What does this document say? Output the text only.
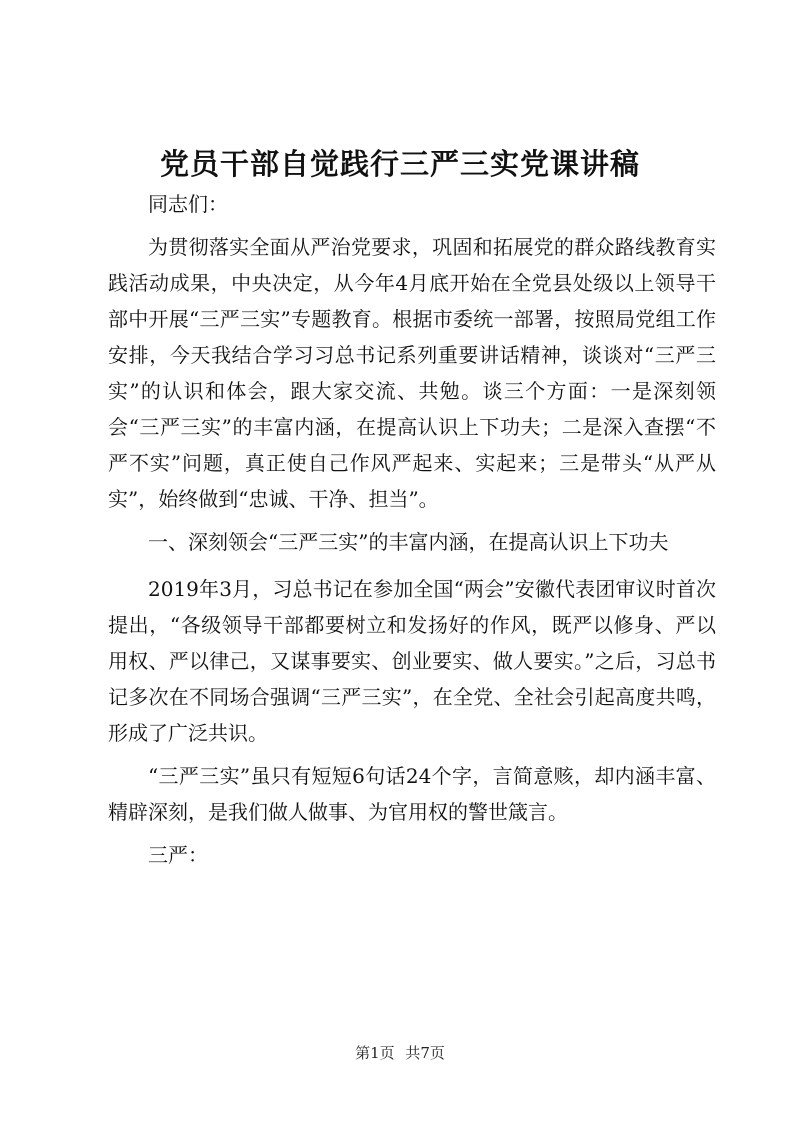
党员干部自觉践行三严三实党课讲稿

同志们：

为贯彻落实全面从严治党要求，巩固和拓展党的群众路线教育实践活动成果，中央决定，从今年4月底开始在全党县处级以上领导干部中开展“三严三实”专题教育。根据市委统一部署，按照局党组工作安排，今天我结合学习习总书记系列重要讲话精神，谈谈对“三严三实”的认识和体会，跟大家交流、共勉。谈三个方面：一是深刻领会“三严三实”的丰富内涵，在提高认识上下功夫；二是深入查摆“不严不实”问题，真正使自己作风严起来、实起来；三是带头“从严从实”，始终做到“忠诚、干净、担当”。

一、深刻领会“三严三实”的丰富内涵，在提高认识上下功夫

2019年3月，习总书记在参加全国“两会”安徽代表团审议时首次提出，“各级领导干部都要树立和发扬好的作风，既严以修身、严以用权、严以律己，又谋事要实、创业要实、做人要实。”之后，习总书记多次在不同场合强调“三严三实”，在全党、全社会引起高度共鸣，形成了广泛共识。

“三严三实”虽只有短短6句话24个字，言简意赅，却内涵丰富、精辟深刻，是我们做人做事、为官用权的警世箴言。

三严：

第1页 共7页
